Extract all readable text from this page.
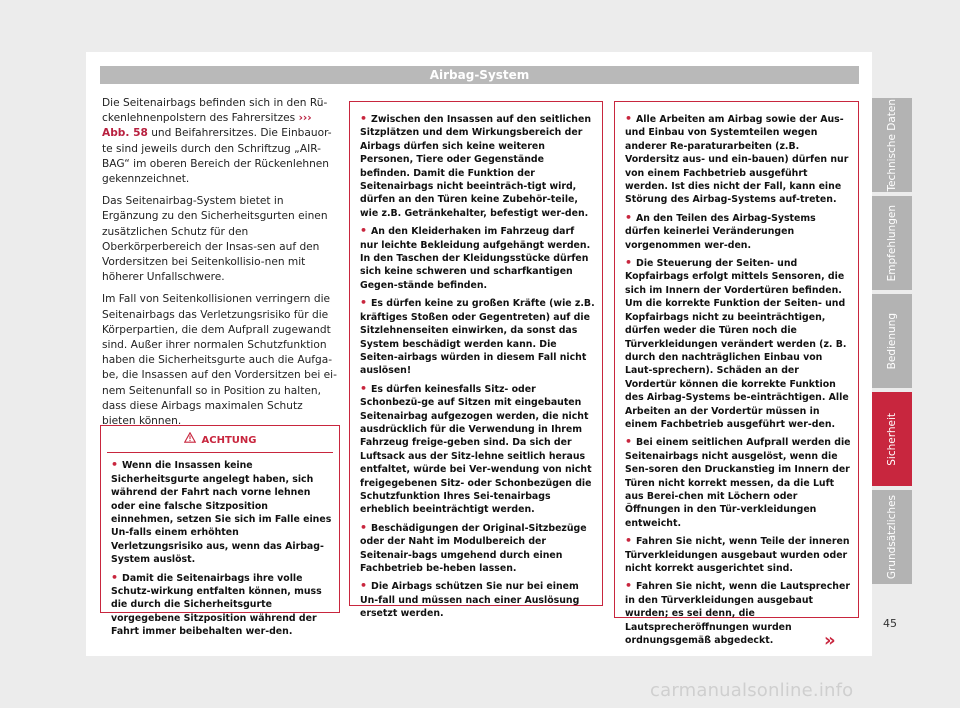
Airbag-System

Die Seitenairbags befinden sich in den Rü-ckenlehnenpolstern des Fahrersitzes ››› Abb. 58 und Beifahrersitzes. Die Einbauor-te sind jeweils durch den Schriftzug „AIR-BAG“ im oberen Bereich der Rückenlehnen gekennzeichnet.

Das Seitenairbag-System bietet in Ergänzung zu den Sicherheitsgurten einen zusätzlichen Schutz für den Oberkörperbereich der Insas-sen auf den Vordersitzen bei Seitenkollisio-nen mit höherer Unfallschwere.

Im Fall von Seitenkollisionen verringern die Seitenairbags das Verletzungsrisiko für die Körperpartien, die dem Aufprall zugewandt sind. Außer ihrer normalen Schutzfunktion haben die Sicherheitsgurte auch die Aufga-be, die Insassen auf den Vordersitzen bei ei-nem Seitenunfall so in Position zu halten, dass diese Airbags maximalen Schutz bieten können.

ACHTUNG
• Wenn die Insassen keine Sicherheitsgurte angelegt haben, sich während der Fahrt nach vorne lehnen oder eine falsche Sitzposition einnehmen, setzen Sie sich im Falle eines Un-falls einem erhöhten Verletzungsrisiko aus, wenn das Airbag-System auslöst.
• Damit die Seitenairbags ihre volle Schutz-wirkung entfalten können, muss die durch die Sicherheitsgurte vorgegebene Sitzposition während der Fahrt immer beibehalten wer-den.
• Zwischen den Insassen auf den seitlichen Sitzplätzen und dem Wirkungsbereich der Airbags dürfen sich keine weiteren Personen, Tiere oder Gegenstände befinden. Damit die Funktion der Seitenairbags nicht beeinträch-tigt wird, dürfen an den Türen keine Zubehör-teile, wie z.B. Getränkehalter, befestigt wer-den.
• An den Kleiderhaken im Fahrzeug darf nur leichte Bekleidung aufgehängt werden. In den Taschen der Kleidungsstücke dürfen sich keine schweren und scharfkantigen Gegen-stände befinden.
• Es dürfen keine zu großen Kräfte (wie z.B. kräftiges Stoßen oder Gegentreten) auf die Sitzlehnenseiten einwirken, da sonst das System beschädigt werden kann. Die Seiten-airbags würden in diesem Fall nicht auslösen!
• Es dürfen keinesfalls Sitz- oder Schonbezü-ge auf Sitzen mit eingebauten Seitenairbag aufgezogen werden, die nicht ausdrücklich für die Verwendung in Ihrem Fahrzeug freige-geben sind. Da sich der Luftsack aus der Sitz-lehne seitlich heraus entfaltet, würde bei Ver-wendung von nicht freigegebenen Sitz- oder Schonbezügen die Schutzfunktion Ihres Sei-tenairbags erheblich beeinträchtigt werden.
• Beschädigungen der Original-Sitzbezüge oder der Naht im Modulbereich der Seitenair-bags umgehend durch einen Fachbetrieb be-heben lassen.
• Die Airbags schützen Sie nur bei einem Un-fall und müssen nach einer Auslösung ersetzt werden.
• Alle Arbeiten am Airbag sowie der Aus- und Einbau von Systemteilen wegen anderer Re-paraturarbeiten (z.B. Vordersitz aus- und ein-bauen) dürfen nur von einem Fachbetrieb ausgeführt werden. Ist dies nicht der Fall, kann eine Störung des Airbag-Systems auf-treten.
• An den Teilen des Airbag-Systems dürfen keinerlei Veränderungen vorgenommen wer-den.
• Die Steuerung der Seiten- und Kopfairbags erfolgt mittels Sensoren, die sich im Innern der Vordertüren befinden. Um die korrekte Funktion der Seiten- und Kopfairbags nicht zu beeinträchtigen, dürfen weder die Türen noch die Türverkleidungen verändert werden (z. B. durch den nachträglichen Einbau von Laut-sprechern). Schäden an der Vordertür können die korrekte Funktion des Airbag-Systems be-einträchtigen. Alle Arbeiten an der Vordertür müssen in einem Fachbetrieb ausgeführt wer-den.
• Bei einem seitlichen Aufprall werden die Seitenairbags nicht ausgelöst, wenn die Sen-soren den Druckanstieg im Innern der Türen nicht korrekt messen, da die Luft aus Berei-chen mit Löchern oder Öffnungen in den Tür-verkleidungen entweicht.
• Fahren Sie nicht, wenn Teile der inneren Türverkleidungen ausgebaut wurden oder nicht korrekt ausgerichtet sind.
• Fahren Sie nicht, wenn die Lautsprecher in den Türverkleidungen ausgebaut wurden; es sei denn, die Lautsprecheröffnungen wurden ordnungsgemäß abgedeckt.	»
Technische Daten
Empfehlungen
Bedienung
Sicherheit
Grundsätzliches
45
carmanualsonline.info
